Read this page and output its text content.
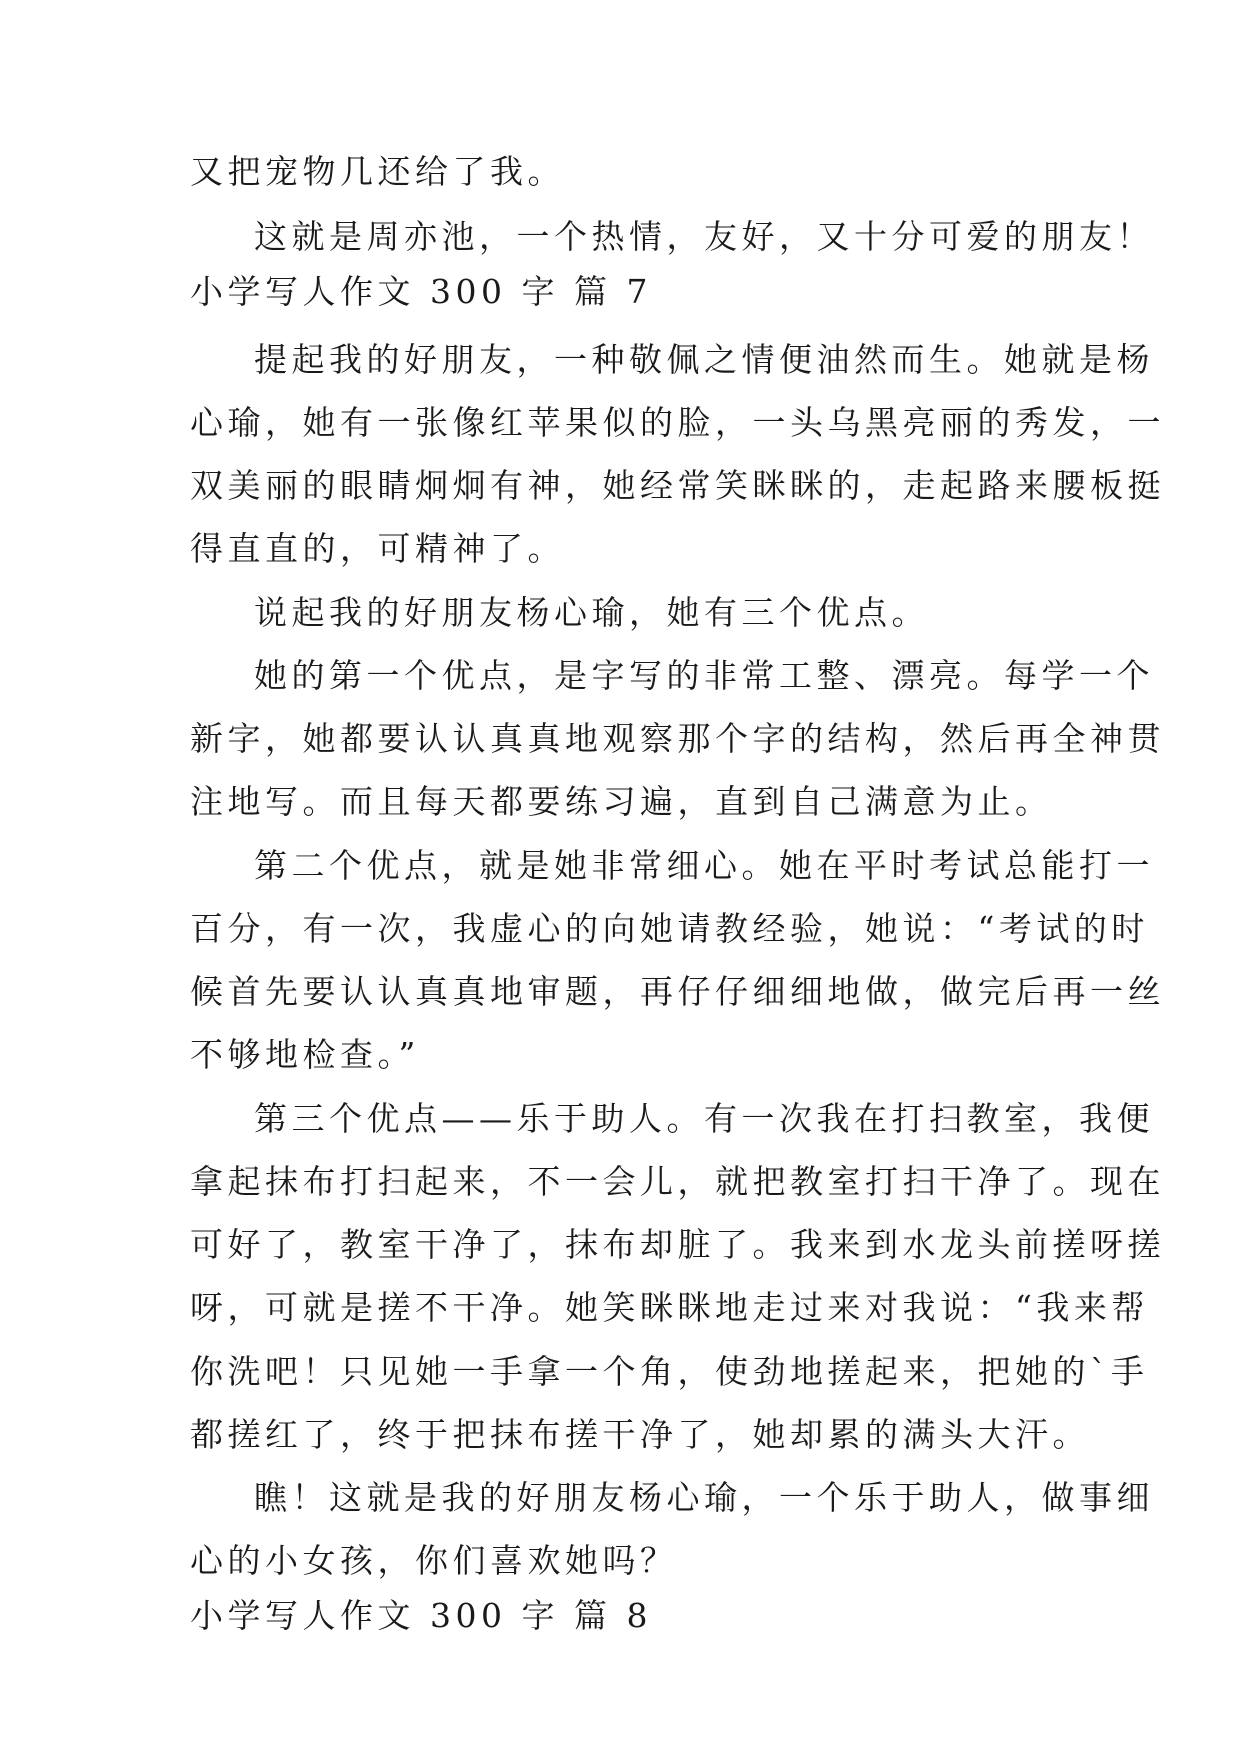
又把宠物几还给了我。
这就是周亦池，一个热情，友好，又十分可爱的朋友！
小学写人作文 300 字 篇 7
提起我的好朋友，一种敬佩之情便油然而生。她就是杨
心瑜，她有一张像红苹果似的脸，一头乌黑亮丽的秀发，一
双美丽的眼睛炯炯有神，她经常笑眯眯的，走起路来腰板挺
得直直的，可精神了。
说起我的好朋友杨心瑜，她有三个优点。
她的第一个优点，是字写的非常工整、漂亮。每学一个
新字，她都要认认真真地观察那个字的结构，然后再全神贯
注地写。而且每天都要练习遍，直到自己满意为止。
第二个优点，就是她非常细心。她在平时考试总能打一
百分，有一次，我虚心的向她请教经验，她说：“考试的时
候首先要认认真真地审题，再仔仔细细地做，做完后再一丝
不够地检查。”
第三个优点——乐于助人。有一次我在打扫教室，我便
拿起抹布打扫起来，不一会儿，就把教室打扫干净了。现在
可好了，教室干净了，抹布却脏了。我来到水龙头前搓呀搓
呀，可就是搓不干净。她笑眯眯地走过来对我说：“我来帮
你洗吧！只见她一手拿一个角，使劲地搓起来，把她的`手
都搓红了，终于把抹布搓干净了，她却累的满头大汗。
瞧！这就是我的好朋友杨心瑜，一个乐于助人，做事细
心的小女孩，你们喜欢她吗？
小学写人作文 300 字 篇 8
